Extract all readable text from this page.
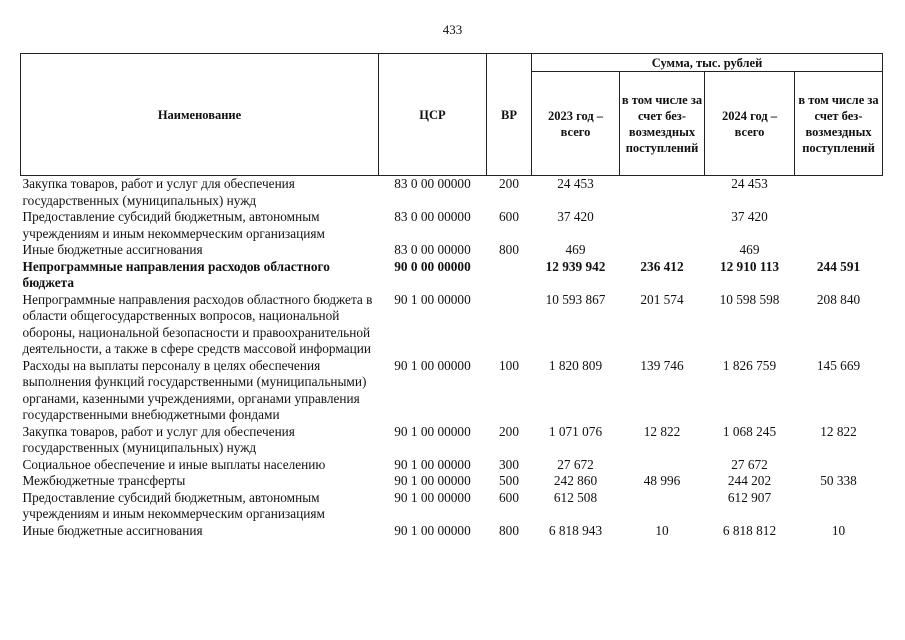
433
Наименование	ЦСР	ВР	Сумма, тыс. рублей			
			2023 год – всего	в том числе за счет безвозмездных поступлений	2024 год – всего	в том числе за счет безвозмездных поступлений
Закупка товаров, работ и услуг для обеспечения государственных (муниципальных) нужд	83 0 00 00000	200	24 453		24 453	
Предоставление субсидий бюджетным, автономным учреждениям и иным некоммерческим организациям	83 0 00 00000	600	37 420		37 420	
Иные бюджетные ассигнования	83 0 00 00000	800	469		469	
Непрограммные направления расходов областного бюджета	90 0 00 00000		12 939 942	236 412	12 910 113	244 591
Непрограммные направления расходов областного бюджета в области общегосударственных вопросов, национальной обороны, национальной безопасности и правоохранительной деятельности, а также в сфере средств массовой информации	90 1 00 00000		10 593 867	201 574	10 598 598	208 840
Расходы на выплаты персоналу в целях обеспечения выполнения функций государственными (муниципальными) органами, казенными учреждениями, органами управления государственными внебюджетными фондами	90 1 00 00000	100	1 820 809	139 746	1 826 759	145 669
Закупка товаров, работ и услуг для обеспечения государственных (муниципальных) нужд	90 1 00 00000	200	1 071 076	12 822	1 068 245	12 822
Социальное обеспечение и иные выплаты населению	90 1 00 00000	300	27 672		27 672	
Межбюджетные трансферты	90 1 00 00000	500	242 860	48 996	244 202	50 338
Предоставление субсидий бюджетным, автономным учреждениям и иным некоммерческим организациям	90 1 00 00000	600	612 508		612 907	
Иные бюджетные ассигнования	90 1 00 00000	800	6 818 943	10	6 818 812	10
